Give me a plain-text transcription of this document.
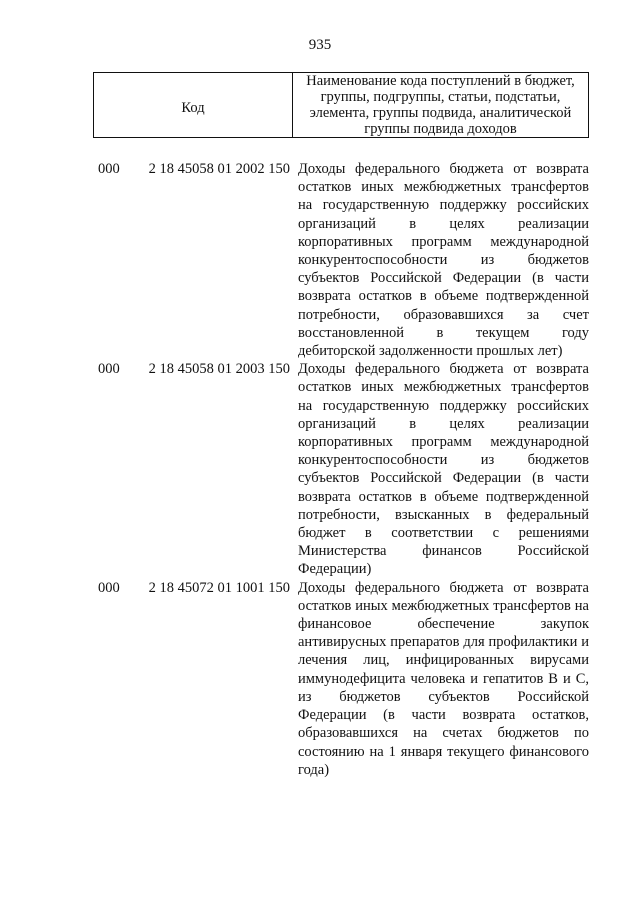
935
Код
Наименование кода поступлений в бюджет,
группы, подгруппы, статьи, подстатьи,
элемента, группы подвида, аналитической
группы подвида доходов
000 2 18 45058 01 2002 150 Доходы федерального бюджета от возврата
остатков иных межбюджетных трансфертов
на государственную поддержку российских
организаций в целях реализации
корпоративных программ международной
конкурентоспособности из бюджетов
субъектов Российской Федерации (в части
возврата остатков в объеме подтвержденной
потребности, образовавшихся за счет
восстановленной в текущем году
дебиторской задолженности прошлых лет)
000 2 18 45058 01 2003 150 Доходы федерального бюджета от возврата
остатков иных межбюджетных трансфертов
на государственную поддержку российских
организаций в целях реализации
корпоративных программ международной
конкурентоспособности из бюджетов
субъектов Российской Федерации (в части
возврата остатков в объеме подтвержденной
потребности, взысканных в федеральный
бюджет в соответствии с решениями
Министерства финансов Российской
Федерации)
000 2 18 45072 01 1001 150 Доходы федерального бюджета от возврата
остатков иных межбюджетных трансфертов на
финансовое обеспечение закупок
антивирусных препаратов для профилактики и
лечения лиц, инфицированных вирусами
иммунодефицита человека и гепатитов В и С,
из бюджетов субъектов Российской
Федерации (в части возврата остатков,
образовавшихся на счетах бюджетов по
состоянию на 1 января текущего финансового
года)
